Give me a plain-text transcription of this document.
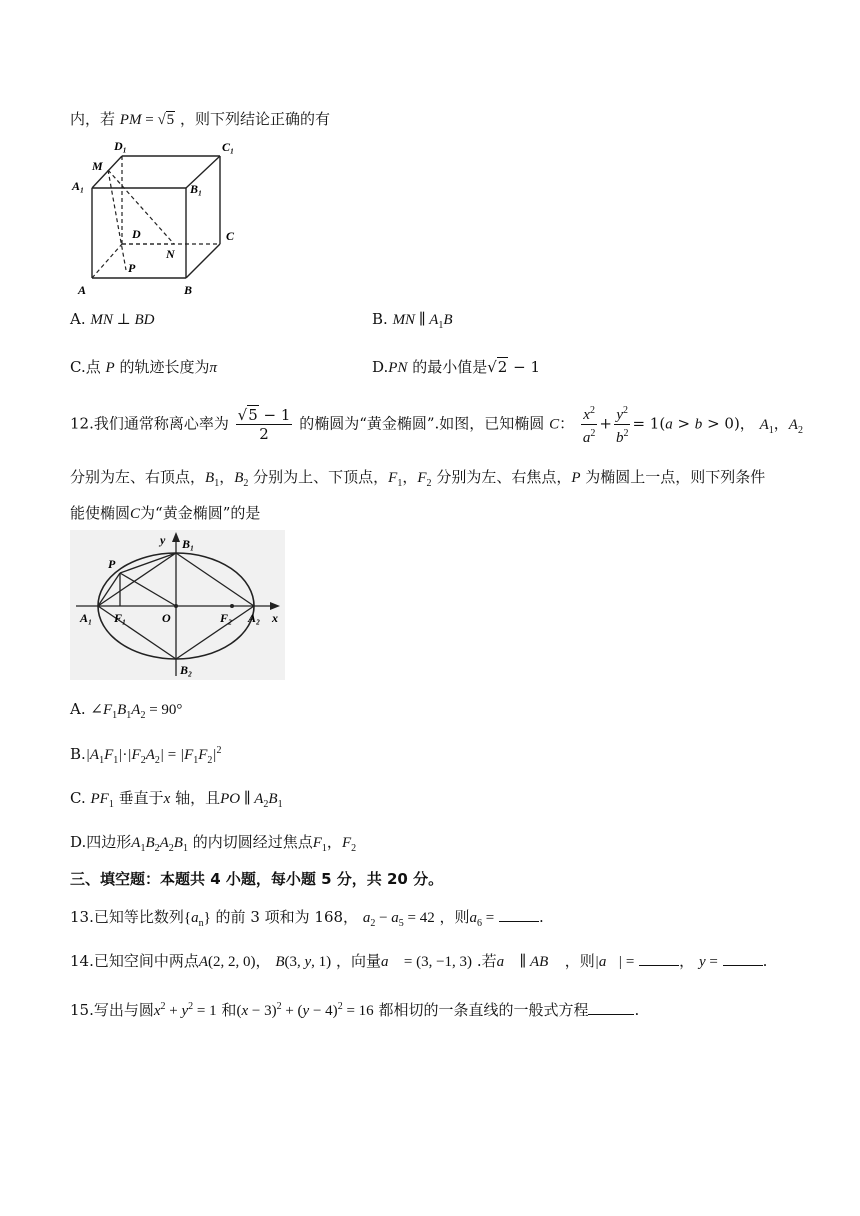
内，若 PM = √5 ，则下列结论正确的有
D₁	C₁
M
A₁	B₁
D	C
N
P
A	B
A. MN ⊥ BD	B. MN ∥ $A_1B$
C.点 P 的轨迹长度为π	D.PN 的最小值是√2 − 1
12.我们通常称离心率为 $\frac{√5 - 1}{2}$ 的椭圆为“黄金椭圆”.如图，已知椭圆 C： $\frac{x^2}{a^2} + \frac{y^2}{b^2} = 1(a > b > 0)$， $A_1$，$A_2$
分别为左、右顶点，$B_1$，$B_2$ 分别为上、下顶点，$F_1$，$F_2$ 分别为左、右焦点，P 为椭圆上一点，则下列条件
能使椭圆C为“黄金椭圆”的是
y B₁
P
A₁ F₁	O	F₂ A₂ x
B₂
A. $\angle F_1B_1A_2 = 90^\circ$
$B.|A_1F_1|\cdot|F_2A_2| = |F_1F_2|^2$
C. $PF_1$ 垂直于x 轴，且PO ∥ $A_2B_1$
D.四边形$A_1B_2A_2B_1$ 的内切圆经过焦点$F_1$，$F_2$
三、填空题：本题共 4 小题，每小题 5 分，共 20 分。
13.已知等比数列$\{a_n\}$ 的前 3 项和为 168， $a_2 - a_5 = 42$ ，则$a_6$ =	.
14.已知空间中两点A(2, 2, 0)， B(3, y, 1) ，向量a⃗ = (3, −1, 3) .若a⃗ ∥ AB⃗ ，则|a⃗| =	， y =	.
15.写出与圆$x^2 + y^2 = 1$ 和$(x - 3)^2 + (y - 4)^2 = 16$ 都相切的一条直线的一般式方程	.
